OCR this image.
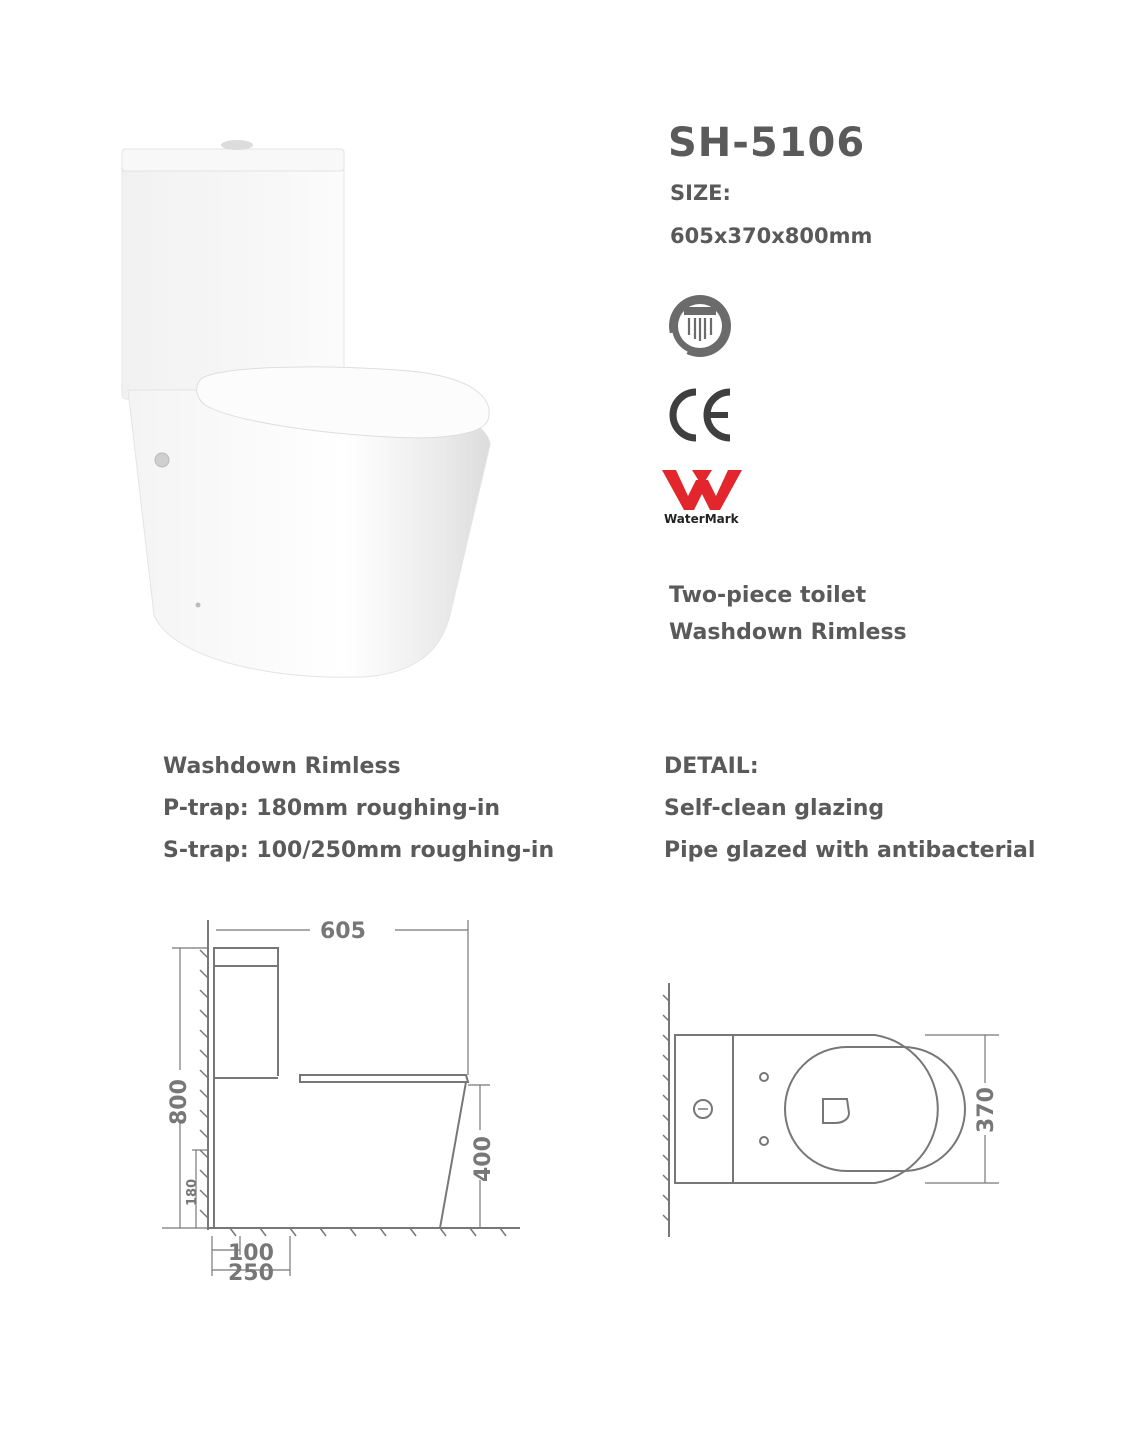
SH-5106
SIZE:
605x370x800mm
WaterMark
Two-piece toilet
Washdown Rimless
Washdown Rimless
P-trap: 180mm roughing-in
S-trap: 100/250mm roughing-in
DETAIL:
Self-clean glazing
Pipe glazed with antibacterial
605
800
400
180
100
250
370
